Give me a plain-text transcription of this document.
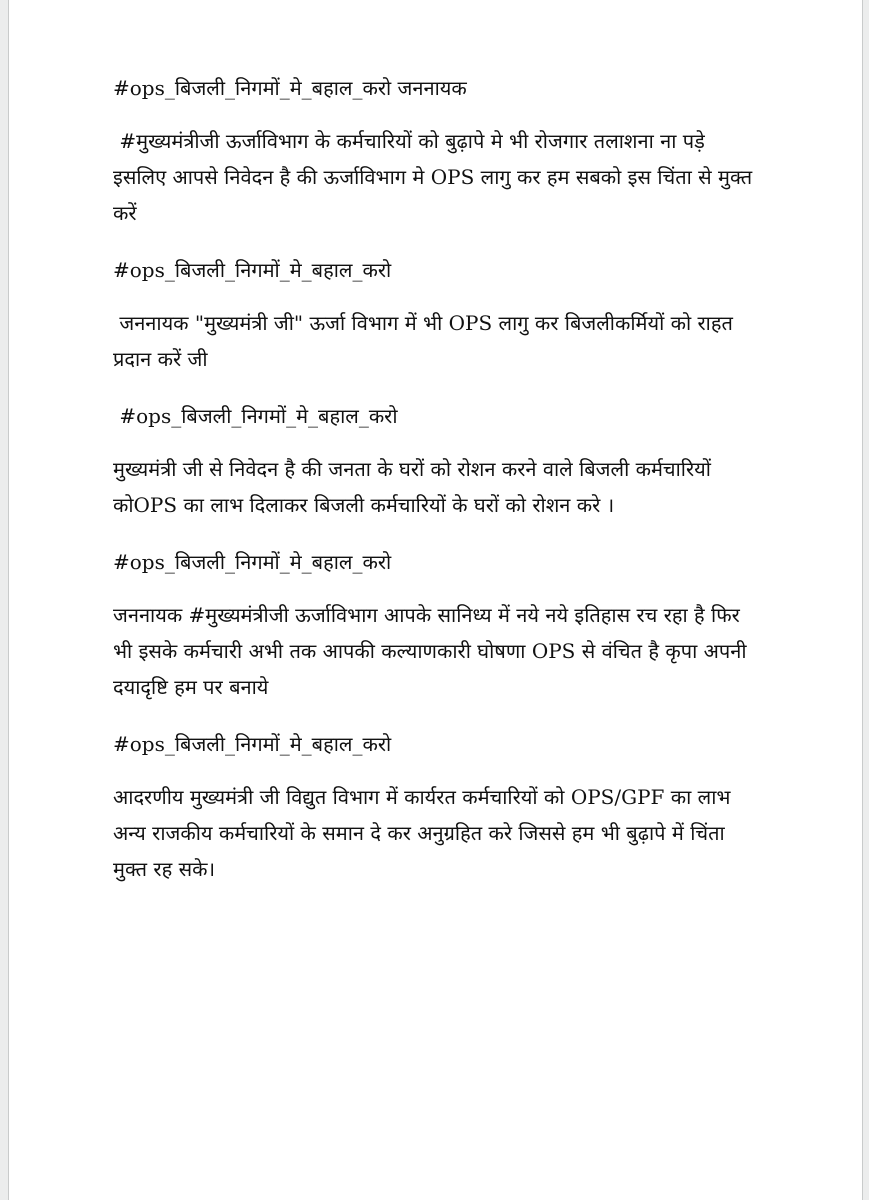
#ops_बिजली_निगमों_मे_बहाल_करो जननायक

#मुख्यमंत्रीजी ऊर्जाविभाग के कर्मचारियों को बुढ़ापे मे भी रोजगार तलाशना ना पड़े इसलिए आपसे निवेदन है की ऊर्जाविभाग मे OPS लागु कर हम सबको इस चिंता से मुक्त करें

#ops_बिजली_निगमों_मे_बहाल_करो

जननायक "मुख्यमंत्री जी" ऊर्जा विभाग में भी OPS लागु कर बिजलीकर्मियों को राहत प्रदान करें जी

#ops_बिजली_निगमों_मे_बहाल_करो

मुख्यमंत्री जी से निवेदन है की जनता के घरों को रोशन करने वाले बिजली कर्मचारियों कोOPS का लाभ दिलाकर बिजली कर्मचारियों के घरों को रोशन करे ।

#ops_बिजली_निगमों_मे_बहाल_करो

जननायक #मुख्यमंत्रीजी ऊर्जाविभाग आपके सानिध्य में नये नये इतिहास रच रहा है फिर भी इसके कर्मचारी अभी तक आपकी कल्याणकारी घोषणा OPS से वंचित है कृपा अपनी दयादृष्टि हम पर बनाये

#ops_बिजली_निगमों_मे_बहाल_करो

आदरणीय मुख्यमंत्री जी विद्युत विभाग में कार्यरत कर्मचारियों को OPS/GPF का लाभ अन्य राजकीय कर्मचारियों के समान दे कर अनुग्रहित करे जिससे हम भी बुढ़ापे में चिंता मुक्त रह सके।
